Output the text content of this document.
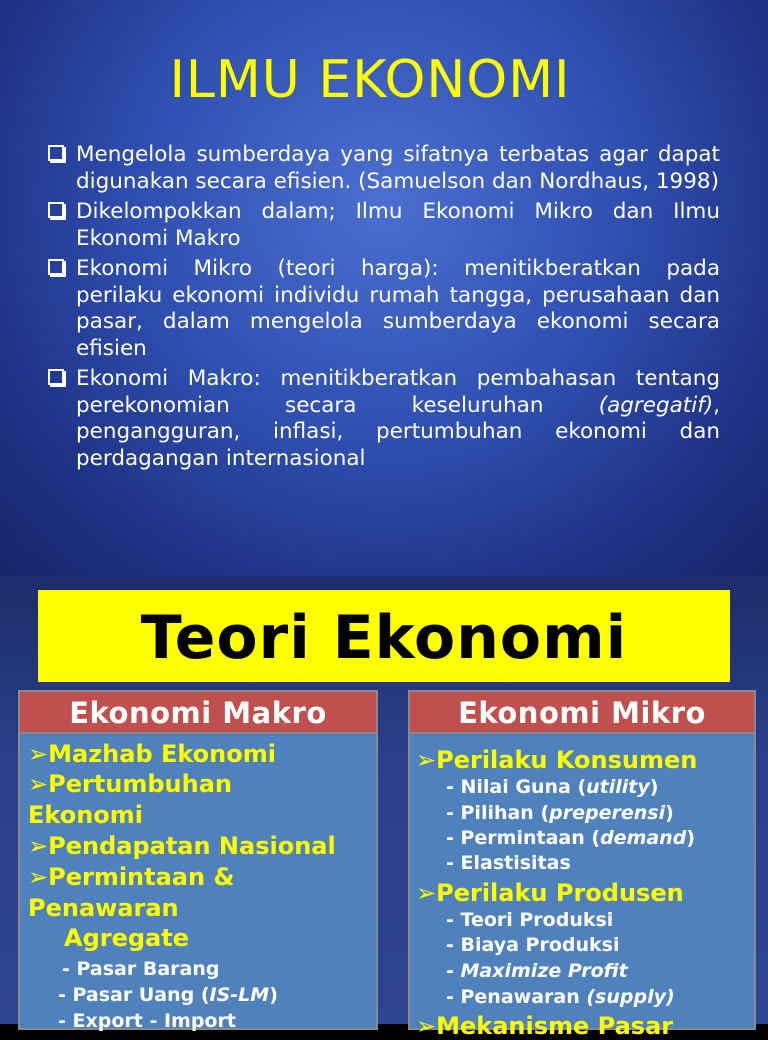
ILMU EKONOMI
Mengelola sumberdaya yang sifatnya terbatas agar dapat digunakan secara efisien. (Samuelson dan Nordhaus, 1998)
Dikelompokkan dalam; Ilmu Ekonomi Mikro dan Ilmu Ekonomi Makro
Ekonomi Mikro (teori harga): menitikberatkan pada perilaku ekonomi individu rumah tangga, perusahaan dan pasar, dalam mengelola sumberdaya ekonomi secara efisien
Ekonomi Makro: menitikberatkan pembahasan tentang perekonomian secara keseluruhan (agregatif), pengangguran, inflasi, pertumbuhan ekonomi dan perdagangan internasional
Teori Ekonomi
Ekonomi Makro
➢Mazhab Ekonomi
➢Pertumbuhan
Ekonomi
➢Pendapatan Nasional
➢Permintaan &
Penawaran
Agregate
- Pasar Barang
- Pasar Uang (IS-LM)
- Export - Import
Ekonomi Mikro
➢Perilaku Konsumen
- Nilai Guna (utility)
- Pilihan (preperensi)
- Permintaan (demand)
- Elastisitas
➢Perilaku Produsen
- Teori Produksi
- Biaya Produksi
- Maximize Profit
- Penawaran (supply)
➢Mekanisme Pasar
